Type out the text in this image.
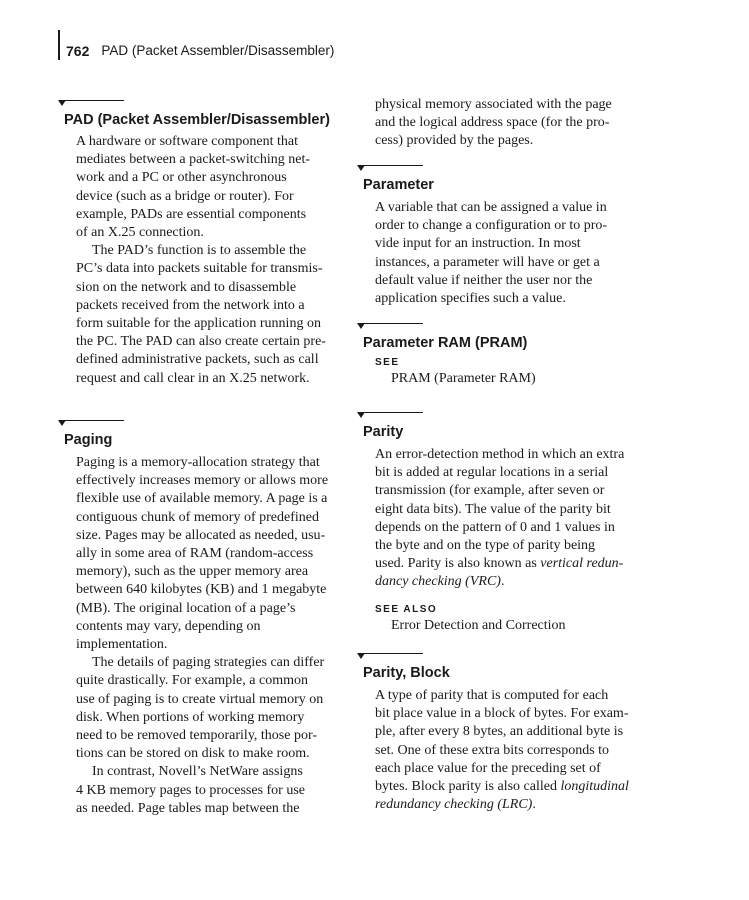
762 PAD (Packet Assembler/Disassembler)
PAD (Packet Assembler/Disassembler)

A hardware or software component that
mediates between a packet-switching net-
work and a PC or other asynchronous
device (such as a bridge or router). For
example, PADs are essential components
of an X.25 connection.

The PAD’s function is to assemble the
PC’s data into packets suitable for transmis-
sion on the network and to disassemble
packets received from the network into a
form suitable for the application running on
the PC. The PAD can also create certain pre-
defined administrative packets, such as call
request and call clear in an X.25 network.

Paging

Paging is a memory-allocation strategy that
effectively increases memory or allows more
flexible use of available memory. A page is a
contiguous chunk of memory of predefined
size. Pages may be allocated as needed, usu-
ally in some area of RAM (random-access
memory), such as the upper memory area
between 640 kilobytes (KB) and 1 megabyte
(MB). The original location of a page’s
contents may vary, depending on
implementation.

The details of paging strategies can differ
quite drastically. For example, a common
use of paging is to create virtual memory on
disk. When portions of working memory
need to be removed temporarily, those por-
tions can be stored on disk to make room.

In contrast, Novell’s NetWare assigns
4 KB memory pages to processes for use
as needed. Page tables map between the

physical memory associated with the page
and the logical address space (for the pro-
cess) provided by the pages.

Parameter

A variable that can be assigned a value in
order to change a configuration or to pro-
vide input for an instruction. In most
instances, a parameter will have or get a
default value if neither the user nor the
application specifies such a value.

Parameter RAM (PRAM)
SEE
PRAM (Parameter RAM)
Parity

An error-detection method in which an extra
bit is added at regular locations in a serial
transmission (for example, after seven or
eight data bits). The value of the parity bit
depends on the pattern of 0 and 1 values in
the byte and on the type of parity being
used. Parity is also known as vertical redun-
dancy checking (VRC).

SEE ALSO
Error Detection and Correction
Parity, Block

A type of parity that is computed for each
bit place value in a block of bytes. For exam-
ple, after every 8 bytes, an additional byte is
set. One of these extra bits corresponds to
each place value for the preceding set of
bytes. Block parity is also called longitudinal
redundancy checking (LRC).
